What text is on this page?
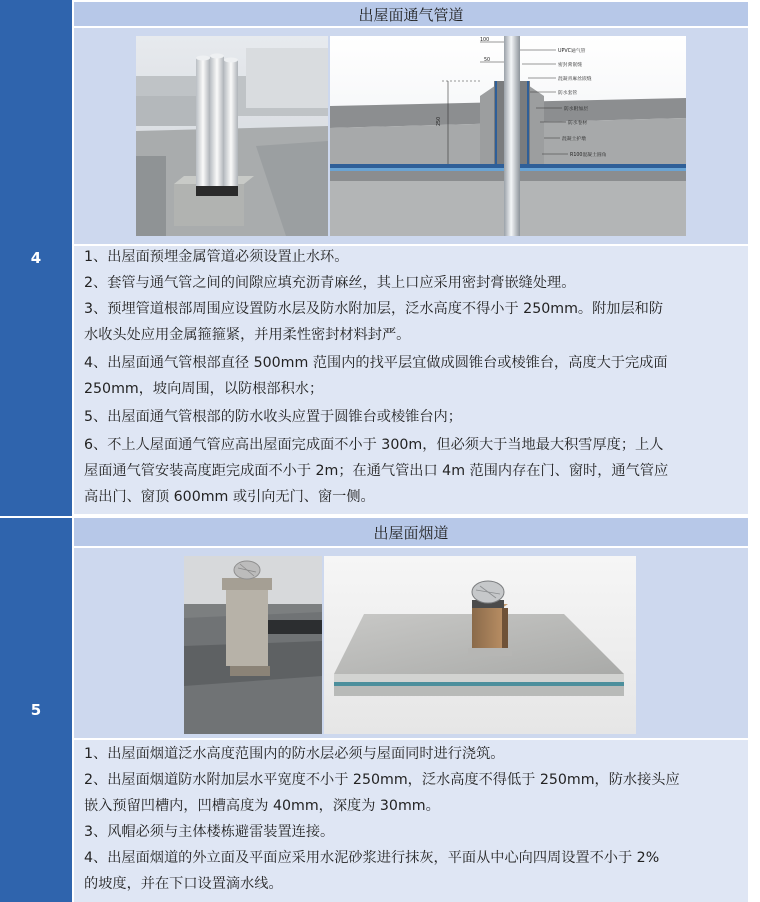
4
出屋面通气管道
100
50
250
UPVC通气管
密封膏嵌缝
混凝青麻丝嵌缝
防水套管
防水附加层
防水卷材
混凝土护墩
R100混凝土圆角
1、出屋面预埋金属管道必须设置止水环。
2、套管与通气管之间的间隙应填充沥青麻丝，其上口应采用密封膏嵌缝处理。
3、预埋管道根部周围应设置防水层及防水附加层，泛水高度不得小于 250mm。附加层和防
水收头处应用金属箍箍紧，并用柔性密封材料封严。
4、出屋面通气管根部直径 500mm 范围内的找平层宜做成圆锥台或棱锥台，高度大于完成面
250mm，坡向周围，以防根部积水；
5、出屋面通气管根部的防水收头应置于圆锥台或棱锥台内；
6、不上人屋面通气管应高出屋面完成面不小于 300m，但必须大于当地最大积雪厚度；上人
屋面通气管安装高度距完成面不小于 2m；在通气管出口 4m 范围内存在门、窗时，通气管应
高出门、窗顶 600mm 或引向无门、窗一侧。
5
出屋面烟道
1、出屋面烟道泛水高度范围内的防水层必须与屋面同时进行浇筑。
2、出屋面烟道防水附加层水平宽度不小于 250mm，泛水高度不得低于 250mm，防水接头应
嵌入预留凹槽内，凹槽高度为 40mm，深度为 30mm。
3、风帽必须与主体楼栋避雷装置连接。
4、出屋面烟道的外立面及平面应采用水泥砂浆进行抹灰，平面从中心向四周设置不小于 2%
的坡度，并在下口设置滴水线。
